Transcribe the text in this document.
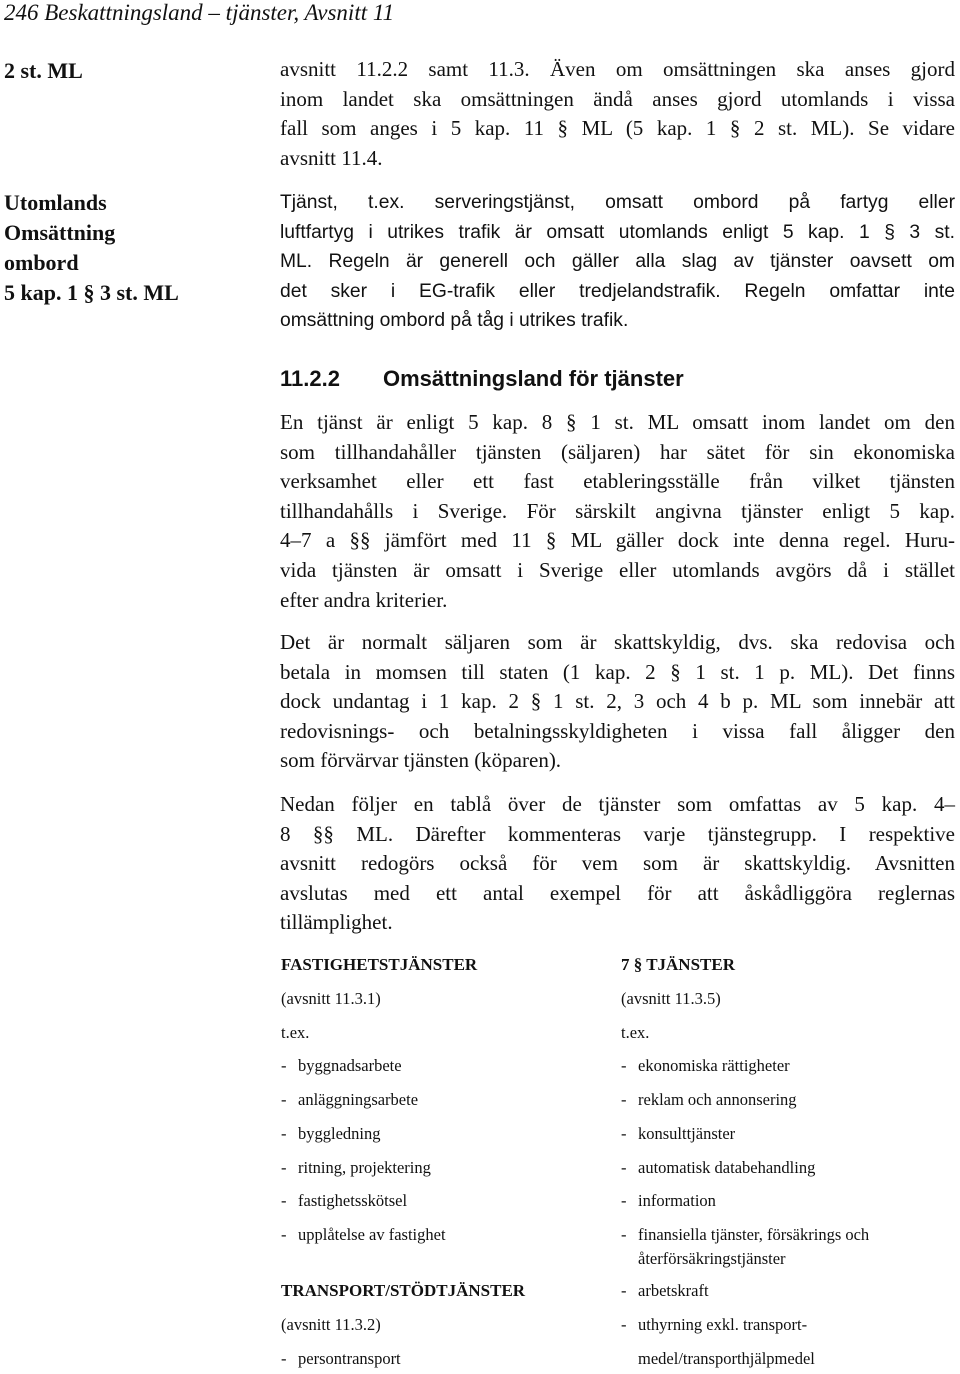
246 Beskattningsland – tjänster, Avsnitt 11
2 st. ML
Utomlands
Omsättning
ombord
5 kap. 1 § 3 st. ML
avsnitt 11.2.2 samt 11.3. Även om omsättningen ska anses gjord
inom landet ska omsättningen ändå anses gjord utomlands i vissa
fall som anges i 5 kap. 11 § ML (5 kap. 1 § 2 st. ML). Se vidare
avsnitt 11.4.
Tjänst, t.ex. serveringstjänst, omsatt ombord på fartyg eller
luftfartyg i utrikes trafik är omsatt utomlands enligt 5 kap. 1 § 3 st.
ML. Regeln är generell och gäller alla slag av tjänster oavsett om
det sker i EG-trafik eller tredjelandstrafik. Regeln omfattar inte
omsättning ombord på tåg i utrikes trafik.
11.2.2 Omsättningsland för tjänster
En tjänst är enligt 5 kap. 8 § 1 st. ML omsatt inom landet om den
som tillhandahåller tjänsten (säljaren) har sätet för sin ekonomiska
verksamhet eller ett fast etableringsställe från vilket tjänsten
tillhandahålls i Sverige. För särskilt angivna tjänster enligt 5 kap.
4–7 a §§ jämfört med 11 § ML gäller dock inte denna regel. Huru-
vida tjänsten är omsatt i Sverige eller utomlands avgörs då i stället
efter andra kriterier.
Det är normalt säljaren som är skattskyldig, dvs. ska redovisa och
betala in momsen till staten (1 kap. 2 § 1 st. 1 p. ML). Det finns
dock undantag i 1 kap. 2 § 1 st. 2, 3 och 4 b p. ML som innebär att
redovisnings- och betalningsskyldigheten i vissa fall åligger den
som förvärvar tjänsten (köparen).
Nedan följer en tablå över de tjänster som omfattas av 5 kap. 4–
8 §§ ML. Därefter kommenteras varje tjänstegrupp. I respektive
avsnitt redogörs också för vem som är skattskyldig. Avsnitten
avslutas med ett antal exempel för att åskådliggöra reglernas
tillämplighet.
FASTIGHETSTJÄNSTER
(avsnitt 11.3.1)
t.ex.
- byggnadsarbete
- anläggningsarbete
- byggledning
- ritning, projektering
- fastighetsskötsel
- upplåtelse av fastighet
TRANSPORT/STÖDTJÄNSTER
(avsnitt 11.3.2)
- persontransport
7 § TJÄNSTER
(avsnitt 11.3.5)
t.ex.
- ekonomiska rättigheter
- reklam och annonsering
- konsulttjänster
- automatisk databehandling
- information
- finansiella tjänster, försäkrings och
återförsäkringstjänster
- arbetskraft
- uthyrning exkl. transport-
medel/transporthjälpmedel
